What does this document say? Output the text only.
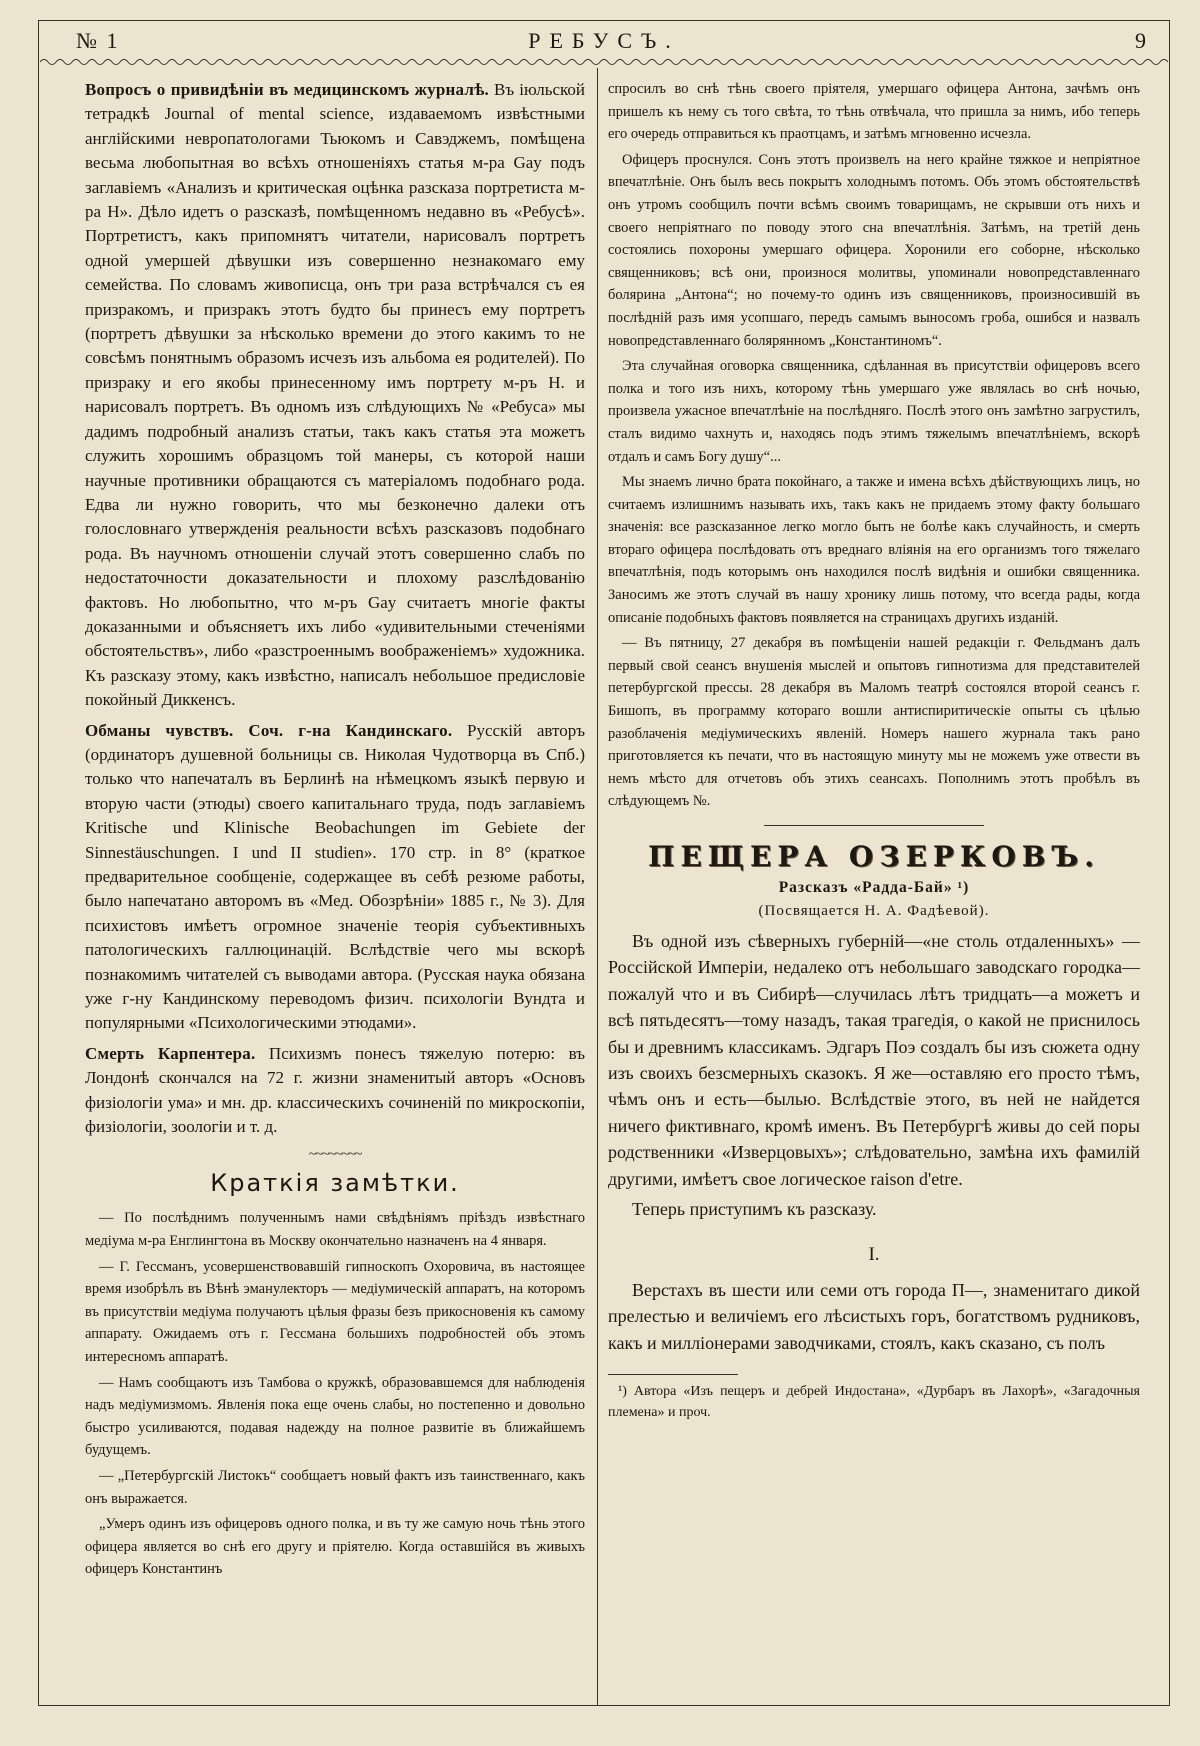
№ 1	РЕБУСЪ.	9

Вопросъ о привидѣніи въ медицинскомъ журналѣ. Въ іюльской тетрадкѣ Journal of mental science, издаваемомъ извѣстными англійскими невропатологами Тьюкомъ и Савэджемъ, помѣщена весьма любопытная во всѣхъ отношеніяхъ статья м-ра Gay подъ заглавіемъ «Анализъ и критическая оцѣнка разсказа портретиста м-ра Н». Дѣло идетъ о разсказѣ, помѣщенномъ недавно въ «Ребусѣ». Портретистъ, какъ припомнятъ читатели, нарисовалъ портретъ одной умершей дѣвушки изъ совершенно незнакомаго ему семейства. По словамъ живописца, онъ три раза встрѣчался съ ея призракомъ, и призракъ этотъ будто бы принесъ ему портретъ (портретъ дѣвушки за нѣсколько времени до этого какимъ то не совсѣмъ понятнымъ образомъ исчезъ изъ альбома ея родителей). По призраку и его якобы принесенному имъ портрету м-ръ Н. и нарисовалъ портретъ. Въ одномъ изъ слѣдующихъ № «Ребуса» мы дадимъ подробный анализъ статьи, такъ какъ статья эта можетъ служить хорошимъ образцомъ той манеры, съ которой наши научные противники обращаются съ матеріаломъ подобнаго рода. Едва ли нужно говорить, что мы безконечно далеки отъ голословнаго утвержденія реальности всѣхъ разсказовъ подобнаго рода. Въ научномъ отношеніи случай этотъ совершенно слабъ по недостаточности доказательности и плохому разслѣдованію фактовъ. Но любопытно, что м-ръ Gay считаетъ многіе факты доказанными и объясняетъ ихъ либо «удивительными стеченіями обстоятельствъ», либо «разстроеннымъ воображеніемъ» художника. Къ разсказу этому, какъ извѣстно, написалъ небольшое предисловіе покойный Диккенсъ.

Обманы чувствъ. Соч. г-на Кандинскаго. Русскій авторъ (ординаторъ душевной больницы св. Николая Чудотворца въ Спб.) только что напечаталъ въ Берлинѣ на нѣмецкомъ языкѣ первую и вторую части (этюды) своего капитальнаго труда, подъ заглавіемъ Kritische und Klinische Beobachungen im Gebiete der Sinnestäuschungen. I und II studien». 170 стр. in 8° (краткое предварительное сообщеніе, содержащее въ себѣ резюме работы, было напечатано авторомъ въ «Мед. Обозрѣніи» 1885 г., № 3). Для психистовъ имѣетъ огромное значеніе теорія субъективныхъ патологическихъ галлюцинацій. Вслѣдствіе чего мы вскорѣ познакомимъ читателей съ выводами автора. (Русская наука обязана уже г-ну Кандинскому переводомъ физич. психологіи Вундта и популярными «Психологическими этюдами».

Смерть Карпентера. Психизмъ понесъ тяжелую потерю: въ Лондонѣ скончался на 72 г. жизни знаменитый авторъ «Основъ физіологіи ума» и мн. др. классическихъ сочиненій по микроскопіи, физіологіи, зоологіи и т. д.

~~~~~~~~
Краткія замѣтки.

— По послѣднимъ полученнымъ нами свѣдѣніямъ пріѣздъ извѣстнаго медіума м-ра Енглингтона въ Москву окончательно назначенъ на 4 января.

— Г. Гессманъ, усовершенствовавшій гипноскопъ Охоровича, въ настоящее время изобрѣлъ въ Вѣнѣ эманулекторъ — медіумическій аппаратъ, на которомъ въ присутствіи медіума получаютъ цѣлыя фразы безъ прикосновенія къ самому аппарату. Ожидаемъ отъ г. Гессмана большихъ подробностей объ этомъ интересномъ аппаратѣ.

— Намъ сообщаютъ изъ Тамбова о кружкѣ, образовавшемся для наблюденія надъ медіумизмомъ. Явленія пока еще очень слабы, но постепенно и довольно быстро усиливаются, подавая надежду на полное развитіе въ ближайшемъ будущемъ.

— „Петербургскій Листокъ“ сообщаетъ новый фактъ изъ таинственнаго, какъ онъ выражается.

„Умеръ одинъ изъ офицеровъ одного полка, и въ ту же самую ночь тѣнь этого офицера является во снѣ его другу и пріятелю. Когда оставшійся въ живыхъ офицеръ Константинъ

спросилъ во снѣ тѣнь своего пріятеля, умершаго офицера Антона, зачѣмъ онъ пришелъ къ нему съ того свѣта, то тѣнь отвѣчала, что пришла за нимъ, ибо теперь его очередь отправиться къ праотцамъ, и затѣмъ мгновенно исчезла.

Офицеръ проснулся. Сонъ этотъ произвелъ на него крайне тяжкое и непріятное впечатлѣніе. Онъ былъ весь покрытъ холоднымъ потомъ. Объ этомъ обстоятельствѣ онъ утромъ сообщилъ почти всѣмъ своимъ товарищамъ, не скрывши отъ нихъ и своего непріятнаго по поводу этого сна впечатлѣнія. Затѣмъ, на третій день состоялись похороны умершаго офицера. Хоронили его соборне, нѣсколько священниковъ; всѣ они, произнося молитвы, упоминали новопредставленнаго болярина „Антона“; но почему-то одинъ изъ священниковъ, произносившій въ послѣдній разъ имя усопшаго, передъ самымъ выносомъ гроба, ошибся и назвалъ новопредставленнаго болярянномъ „Константиномъ“.

Эта случайная оговорка священника, сдѣланная въ присутствіи офицеровъ всего полка и того изъ нихъ, которому тѣнь умершаго уже являлась во снѣ ночью, произвела ужасное впечатлѣніе на послѣдняго. Послѣ этого онъ замѣтно загрустилъ, сталъ видимо чахнуть и, находясь подъ этимъ тяжелымъ впечатлѣніемъ, вскорѣ отдалъ и самъ Богу душу“...

Мы знаемъ лично брата покойнаго, а также и имена всѣхъ дѣйствующихъ лицъ, но считаемъ излишнимъ называть ихъ, такъ какъ не придаемъ этому факту большаго значенія: все разсказанное легко могло быть не болѣе какъ случайность, и смерть втораго офицера послѣдовать отъ вреднаго вліянія на его организмъ того тяжелаго впечатлѣнія, подъ которымъ онъ находился послѣ видѣнія и ошибки священника. Заносимъ же этотъ случай въ нашу хронику лишь потому, что всегда рады, когда описаніе подобныхъ фактовъ появляется на страницахъ другихъ изданій.

— Въ пятницу, 27 декабря въ помѣщеніи нашей редакціи г. Фельдманъ далъ первый свой сеансъ внушенія мыслей и опытовъ гипнотизма для представителей петербургской прессы. 28 декабря въ Маломъ театрѣ состоялся второй сеансъ г. Бишопъ, въ программу котораго вошли антиспиритическіе опыты съ цѣлью разоблаченія медіумическихъ явленій. Номеръ нашего журнала такъ рано приготовляется къ печати, что въ настоящую минуту мы не можемъ уже отвести въ немъ мѣсто для отчетовъ объ этихъ сеансахъ. Пополнимъ этотъ пробѣлъ въ слѣдующемъ №.

ПЕЩЕРА ОЗЕРКОВЪ.
Разсказъ «Радда-Бай» ¹)
(Посвящается Н. А. Фадѣевой).

Въ одной изъ сѣверныхъ губерній—«не столь отдаленныхъ» — Россійской Имперіи, недалеко отъ небольшаго заводскаго городка—пожалуй что и въ Сибирѣ—случилась лѣтъ тридцать—а можетъ и всѣ пятьдесятъ—тому назадъ, такая трагедія, о какой не приснилось бы и древнимъ классикамъ. Эдгаръ Поэ создалъ бы изъ сюжета одну изъ своихъ безсмерныхъ сказокъ. Я же—оставляю его просто тѣмъ, чѣмъ онъ и есть—былью. Вслѣдствіе этого, въ ней не найдется ничего фиктивнаго, кромѣ именъ. Въ Петербургѣ живы до сей поры родственники «Изверцовыхъ»; слѣдовательно, замѣна ихъ фамилій другими, имѣетъ свое логическое raison d'etre.

Теперь приступимъ къ разсказу.

I.

Верстахъ въ шести или семи отъ города П—, знаменитаго дикой прелестью и величіемъ его лѣсистыхъ горъ, богатствомъ рудниковъ, какъ и милліонерами заводчиками, стоялъ, какъ сказано, съ полъ

¹) Автора «Изъ пещеръ и дебрей Индостана», «Дурбаръ въ Лахорѣ», «Загадочныя племена» и проч.
